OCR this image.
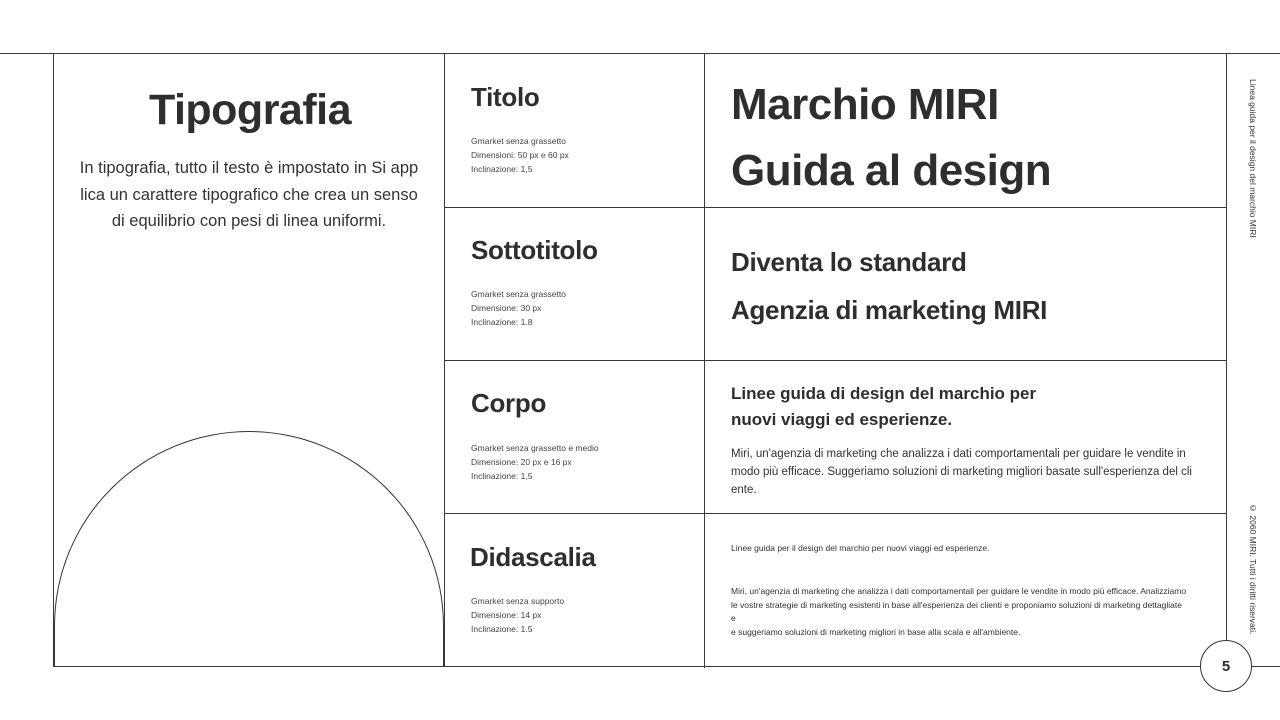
Tipografia
In tipografia, tutto il testo è impostato in Si applica un carattere tipografico che crea un senso di equilibrio con pesi di linea uniformi.
Titolo
Gmarket senza grassetto
Dimensioni: 50 px e 60 px
Inclinazione: 1,5
Sottotitolo
Gmarket senza grassetto
Dimensione: 30 px
Inclinazione: 1.8
Corpo
Gmarket senza grassetto e medio
Dimensione: 20 px e 16 px
Inclinazione: 1,5
Didascalia
Gmarket senza supporto
Dimensione: 14 px
Inclinazione: 1.5
Marchio MIRI
Guida al design
Diventa lo standard
Agenzia di marketing MIRI
Linee guida di design del marchio per
nuovi viaggi ed esperienze.
Miri, un'agenzia di marketing che analizza i dati comportamentali per guidare le vendite in modo più efficace. Suggeriamo soluzioni di marketing migliori basate sull'esperienza del cliente.
Linee guida per il design del marchio per nuovi viaggi ed esperienze.
Miri, un'agenzia di marketing che analizza i dati comportamentali per guidare le vendite in modo più efficace. Analizziamo
le vostre strategie di marketing esistenti in base all'esperienza dei clienti e proponiamo soluzioni di marketing dettagliate
e
e suggeriamo soluzioni di marketing migliori in base alla scala e all'ambiente.
Linea guida per il design del marchio MIRI
© 2060 MIRI. Tutti i diritti riservati.
5
